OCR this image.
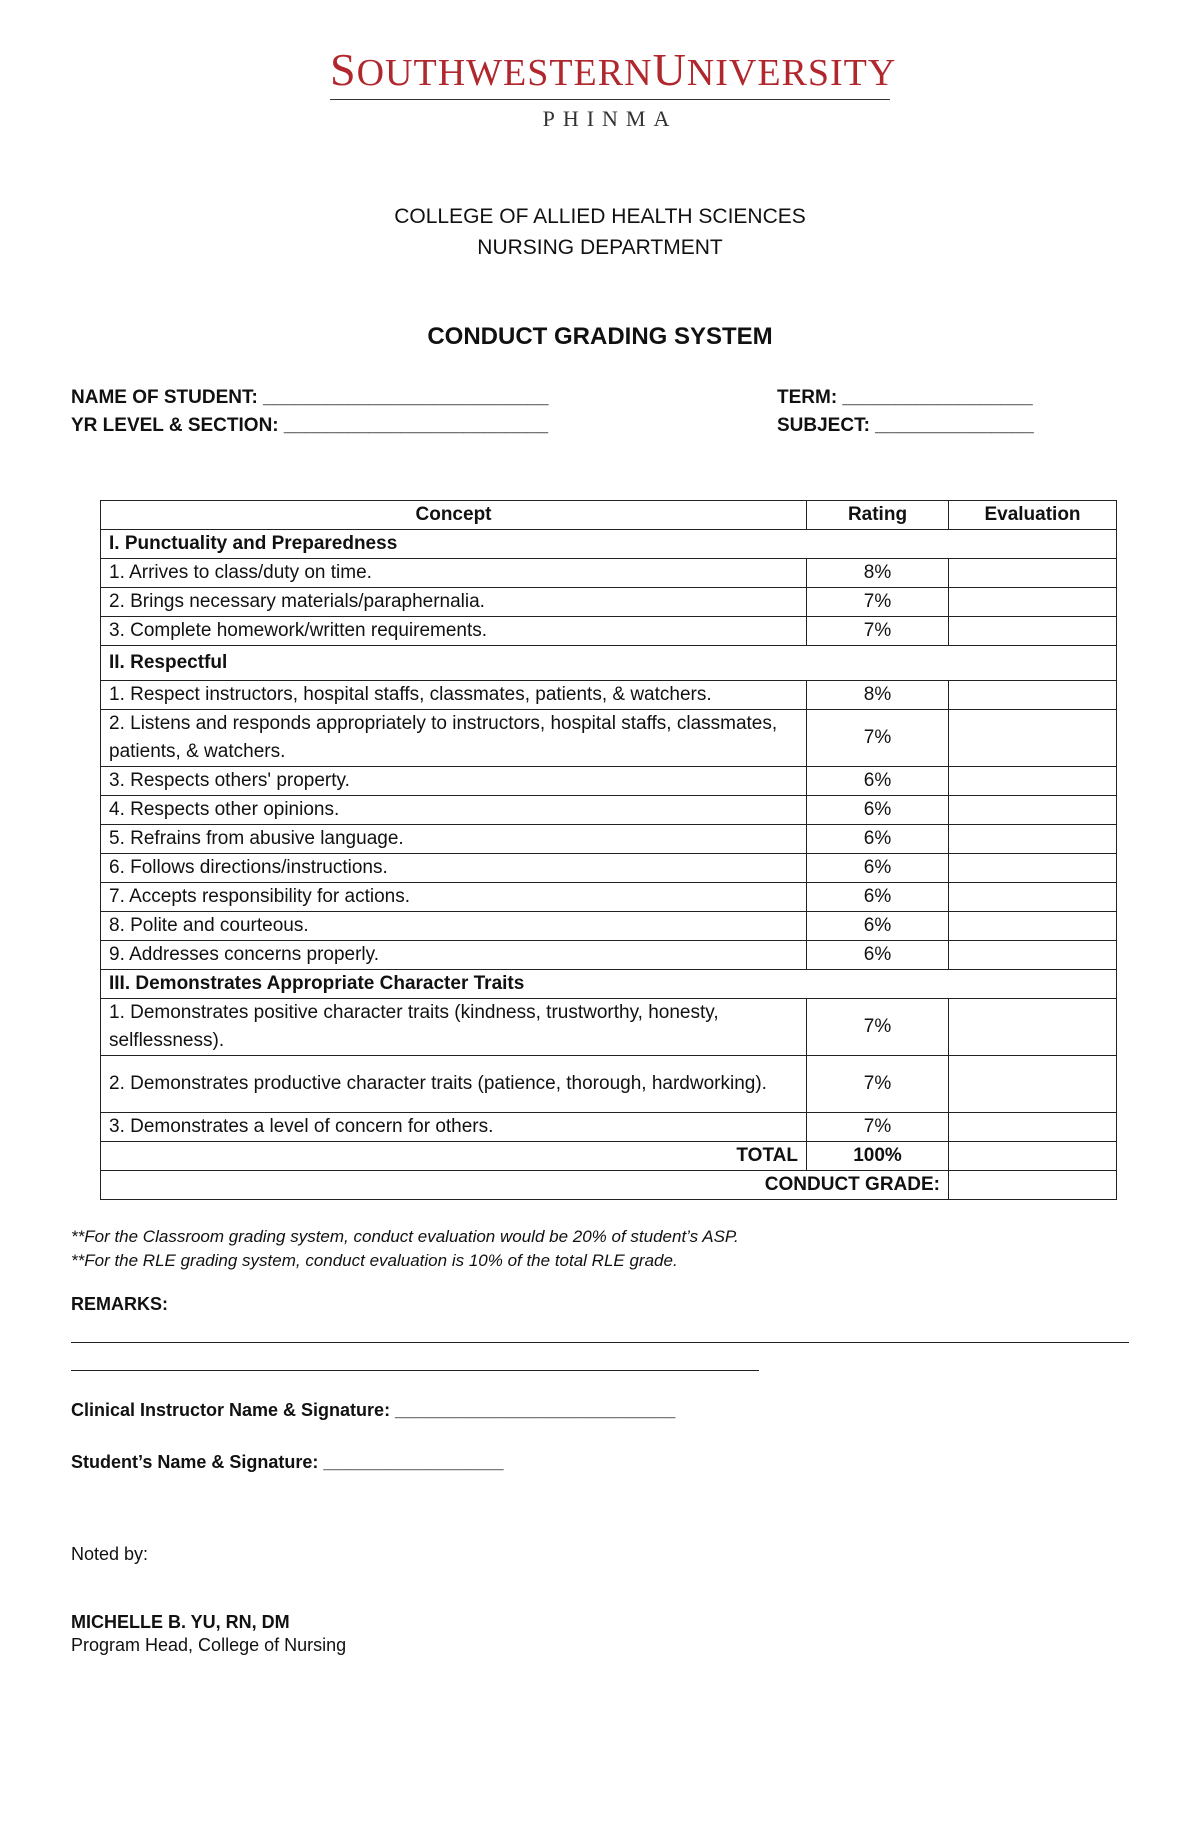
SOUTHWESTERNUNIVERSITY
PHINMA
COLLEGE OF ALLIED HEALTH SCIENCES
NURSING DEPARTMENT
CONDUCT GRADING SYSTEM
NAME OF STUDENT: ___________________________
YR LEVEL & SECTION: _________________________
TERM: __________________
SUBJECT: _______________
Concept	Rating	Evaluation
I. Punctuality and Preparedness		
1. Arrives to class/duty on time.	8%	
2. Brings necessary materials/paraphernalia.	7%	
3. Complete homework/written requirements.	7%	
II. Respectful		
1. Respect instructors, hospital staffs, classmates, patients, & watchers.	8%	
2. Listens and responds appropriately to instructors, hospital staffs, classmates, patients, & watchers.	7%	
3. Respects others' property.	6%	
4. Respects other opinions.	6%	
5. Refrains from abusive language.	6%	
6. Follows directions/instructions.	6%	
7. Accepts responsibility for actions.	6%	
8. Polite and courteous.	6%	
9. Addresses concerns properly.	6%	
III. Demonstrates Appropriate Character Traits		
1. Demonstrates positive character traits (kindness, trustworthy, honesty, selflessness).	7%	
2. Demonstrates productive character traits (patience, thorough, hardworking).	7%	
3. Demonstrates a level of concern for others.	7%	
TOTAL	100%	
CONDUCT GRADE:		
**For the Classroom grading system, conduct evaluation would be 20% of student’s ASP.
**For the RLE grading system, conduct evaluation is 10% of the total RLE grade.
REMARKS:
Clinical Instructor Name & Signature: ____________________________
Student’s Name & Signature: __________________
Noted by:
MICHELLE B. YU, RN, DM
Program Head, College of Nursing
